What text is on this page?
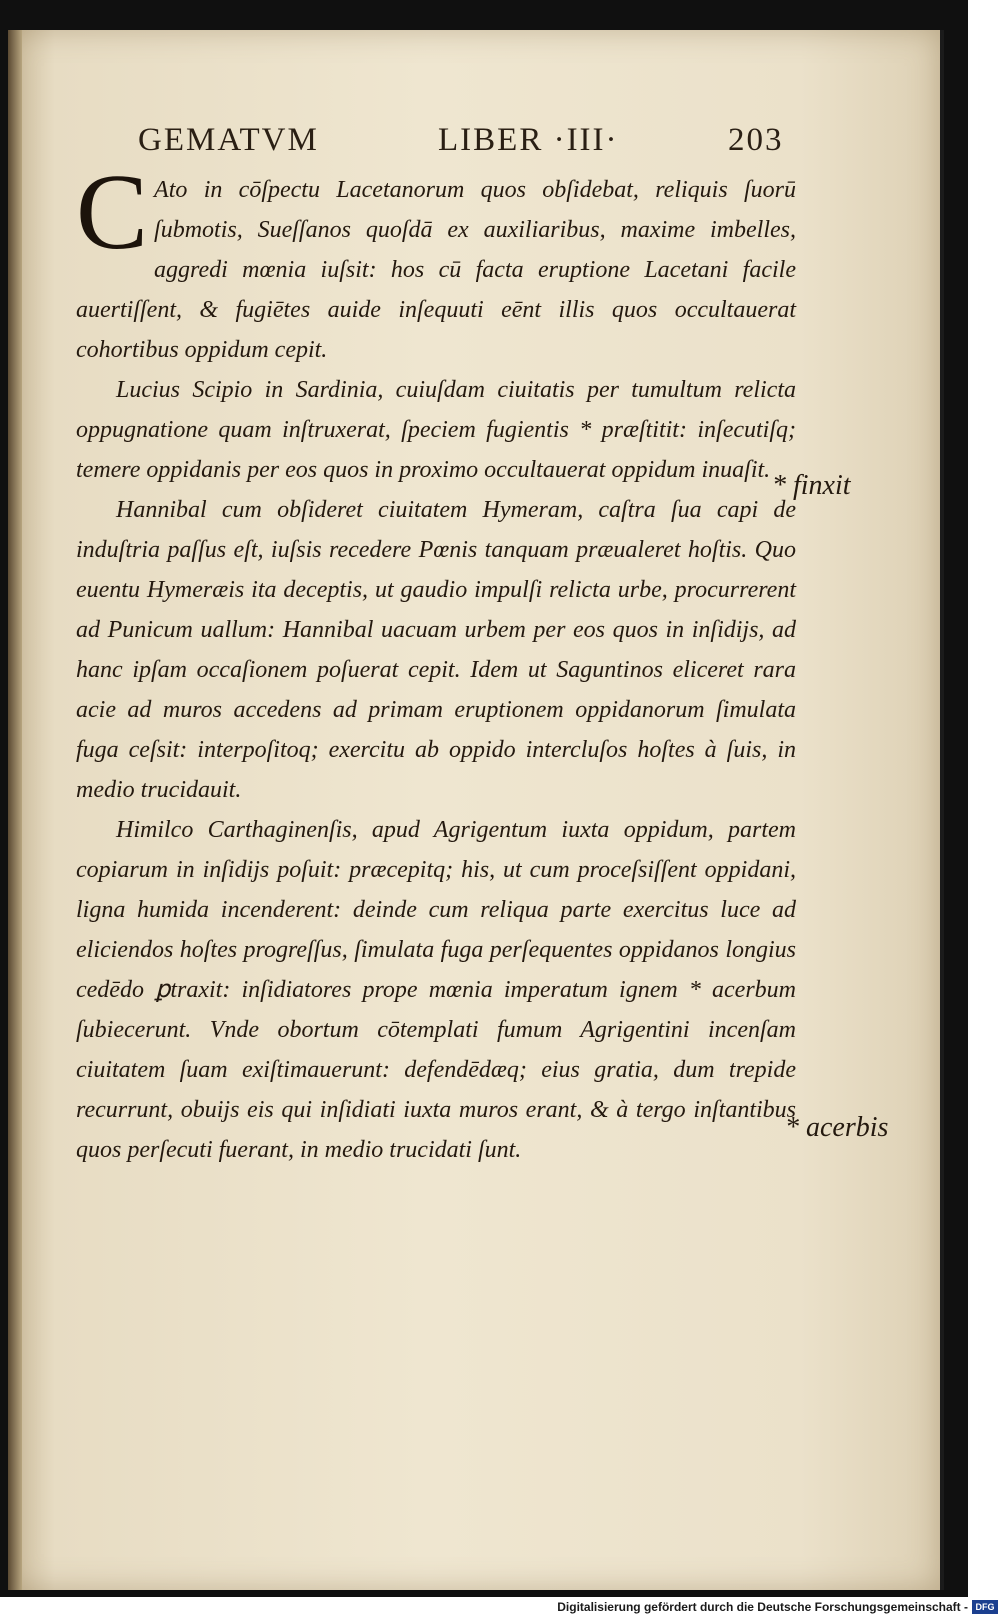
GEMATVM	LIBER ·III·	203

C Ato in cōſpectu Lacetanorum quos obſidebat, reliquis ſuorū ſubmotis, Sueſſanos quoſdā ex auxiliaribus, maxime imbelles, aggredi mœnia iuſsit: hos cū facta eruptione Lacetani facile auertiſſent, & fugiētes auide inſequuti eēnt illis quos occultauerat cohortibus oppidum cepit.

Lucius Scipio in Sardinia, cuiuſdam ciuitatis per tumultum relicta oppugnatione quam inſtruxerat, ſpeciem fugientis * præſtitit: inſecutiſq; temere oppidanis per eos quos in proximo occultauerat oppidum inuaſit.

Hannibal cum obſideret ciuitatem Hymeram, caſtra ſua capi de induſtria paſſus eſt, iuſsis recedere Pœnis tanquam præualeret hoſtis. Quo euentu Hymeræis ita deceptis, ut gaudio impulſi relicta urbe, procurrerent ad Punicum uallum: Hannibal uacuam urbem per eos quos in inſidijs, ad hanc ipſam occaſionem poſuerat cepit. Idem ut Saguntinos eliceret rara acie ad muros accedens ad primam eruptionem oppidanorum ſimulata fuga ceſsit: interpoſitoq; exercitu ab oppido intercluſos hoſtes à ſuis, in medio trucidauit.

Himilco Carthaginenſis, apud Agrigentum iuxta oppidum, partem copiarum in inſidijs poſuit: præcepitq; his, ut cum proceſsiſſent oppidani, ligna humida incenderent: deinde cum reliqua parte exercitus luce ad eliciendos hoſtes progreſſus, ſimulata fuga perſequentes oppidanos longius cedēdo ꝑtraxit: inſidiatores prope mœnia imperatum ignem * acerbum ſubiecerunt. Vnde obortum cōtemplati fumum Agrigentini incenſam ciuitatem ſuam exiſtimauerunt: defendēdæq; eius gratia, dum trepide recurrunt, obuijs eis qui inſidiati iuxta muros erant, & à tergo inſtantibus quos perſecuti fuerant, in medio trucidati ſunt.

* finxit
* acerbis
Digitalisierung gefördert durch die Deutsche Forschungsgemeinschaft - DFG
